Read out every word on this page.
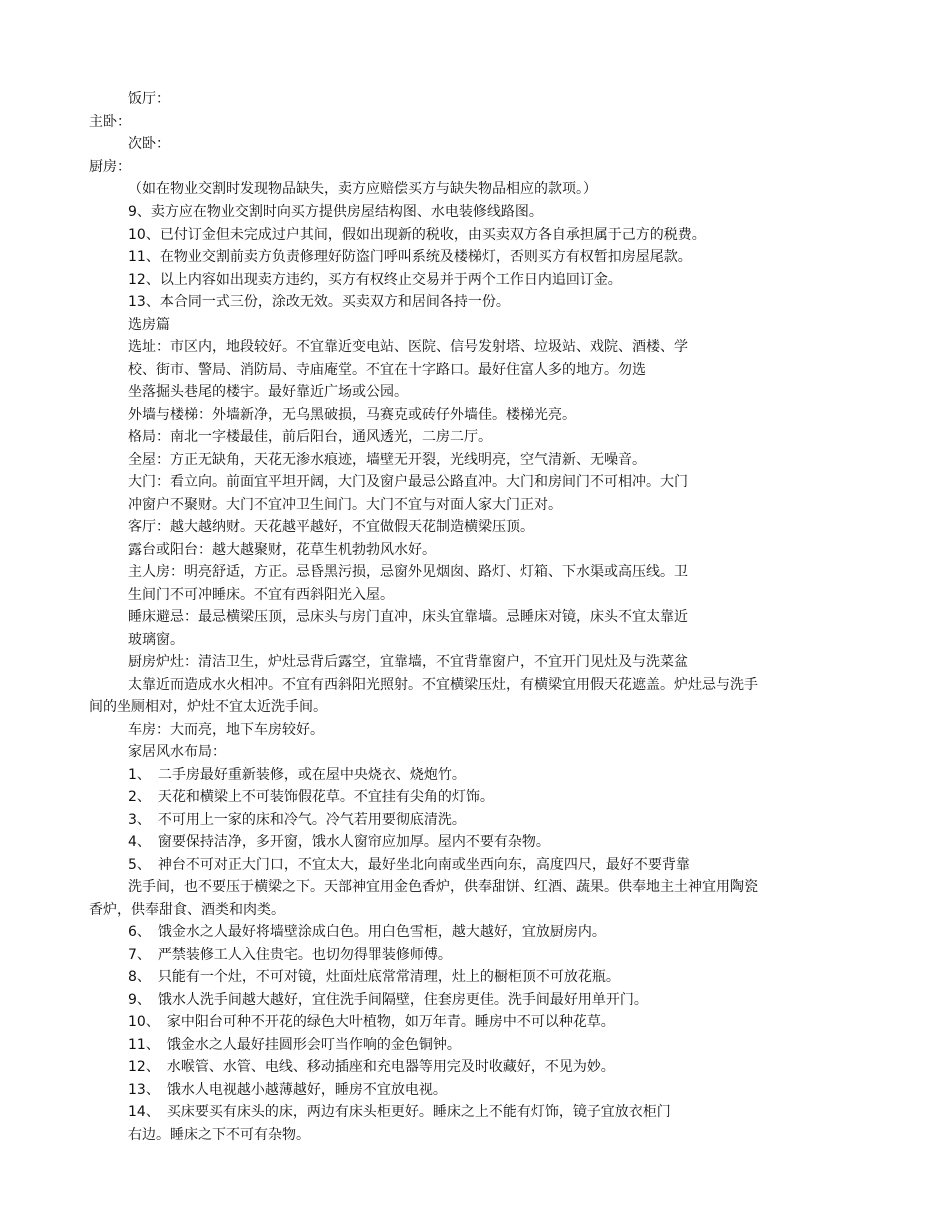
饭厅：
主卧：
次卧：
厨房：
（如在物业交割时发现物品缺失，卖方应赔偿买方与缺失物品相应的款项。）
9、卖方应在物业交割时向买方提供房屋结构图、水电装修线路图。
10、已付订金但未完成过户其间，假如出现新的税收，由买卖双方各自承担属于己方的税费。
11、在物业交割前卖方负责修理好防盗门呼叫系统及楼梯灯，否则买方有权暂扣房屋尾款。
12、以上内容如出现卖方违约，买方有权终止交易并于两个工作日内追回订金。
13、本合同一式三份，涂改无效。买卖双方和居间各持一份。
选房篇
选址：市区内，地段较好。不宜靠近变电站、医院、信号发射塔、垃圾站、戏院、酒楼、学
校、街市、警局、消防局、寺庙庵堂。不宜在十字路口。最好住富人多的地方。勿选
坐落掘头巷尾的楼宇。最好靠近广场或公园。
外墙与楼梯：外墙新净，无乌黑破损，马赛克或砖仔外墙佳。楼梯光亮。
格局：南北一字楼最佳，前后阳台，通风透光，二房二厅。
全屋：方正无缺角，天花无渗水痕迹，墙壁无开裂，光线明亮，空气清新、无噪音。
大门：看立向。前面宜平坦开阔，大门及窗户最忌公路直冲。大门和房间门不可相冲。大门
冲窗户不聚财。大门不宜冲卫生间门。大门不宜与对面人家大门正对。
客厅：越大越纳财。天花越平越好，不宜做假天花制造横梁压顶。
露台或阳台：越大越聚财，花草生机勃勃风水好。
主人房：明亮舒适，方正。忌昏黑污损，忌窗外见烟囱、路灯、灯箱、下水渠或高压线。卫
生间门不可冲睡床。不宜有西斜阳光入屋。
睡床避忌：最忌横梁压顶，忌床头与房门直冲，床头宜靠墙。忌睡床对镜，床头不宜太靠近
玻璃窗。
厨房炉灶：清洁卫生，炉灶忌背后露空，宜靠墙，不宜背靠窗户，不宜开门见灶及与洗菜盆
太靠近而造成水火相冲。不宜有西斜阳光照射。不宜横梁压灶，有横梁宜用假天花遮盖。炉灶忌与洗手
间的坐厕相对，炉灶不宜太近洗手间。
车房：大而亮，地下车房较好。
家居风水布局：
1、　二手房最好重新装修，或在屋中央烧衣、烧炮竹。
2、　天花和横梁上不可装饰假花草。不宜挂有尖角的灯饰。
3、　不可用上一家的床和冷气。冷气若用要彻底清洗。
4、　窗要保持洁净，多开窗，饿水人窗帘应加厚。屋内不要有杂物。
5、　神台不可对正大门口，不宜太大，最好坐北向南或坐西向东，高度四尺，最好不要背靠
洗手间，也不要压于横梁之下。天部神宜用金色香炉，供奉甜饼、红酒、蔬果。供奉地主土神宜用陶瓷
香炉，供奉甜食、酒类和肉类。
6、　饿金水之人最好将墙壁涂成白色。用白色雪柜，越大越好，宜放厨房内。
7、　严禁装修工人入住贵宅。也切勿得罪装修师傅。
8、　只能有一个灶，不可对镜，灶面灶底常常清理，灶上的橱柜顶不可放花瓶。
9、　饿水人洗手间越大越好，宜住洗手间隔壁，住套房更佳。洗手间最好用单开门。
10、　家中阳台可种不开花的绿色大叶植物，如万年青。睡房中不可以种花草。
11、　饿金水之人最好挂圆形会叮当作响的金色铜钟。
12、　水喉管、水管、电线、移动插座和充电器等用完及时收藏好，不见为妙。
13、　饿水人电视越小越薄越好，睡房不宜放电视。
14、　买床要买有床头的床，两边有床头柜更好。睡床之上不能有灯饰，镜子宜放衣柜门
右边。睡床之下不可有杂物。
